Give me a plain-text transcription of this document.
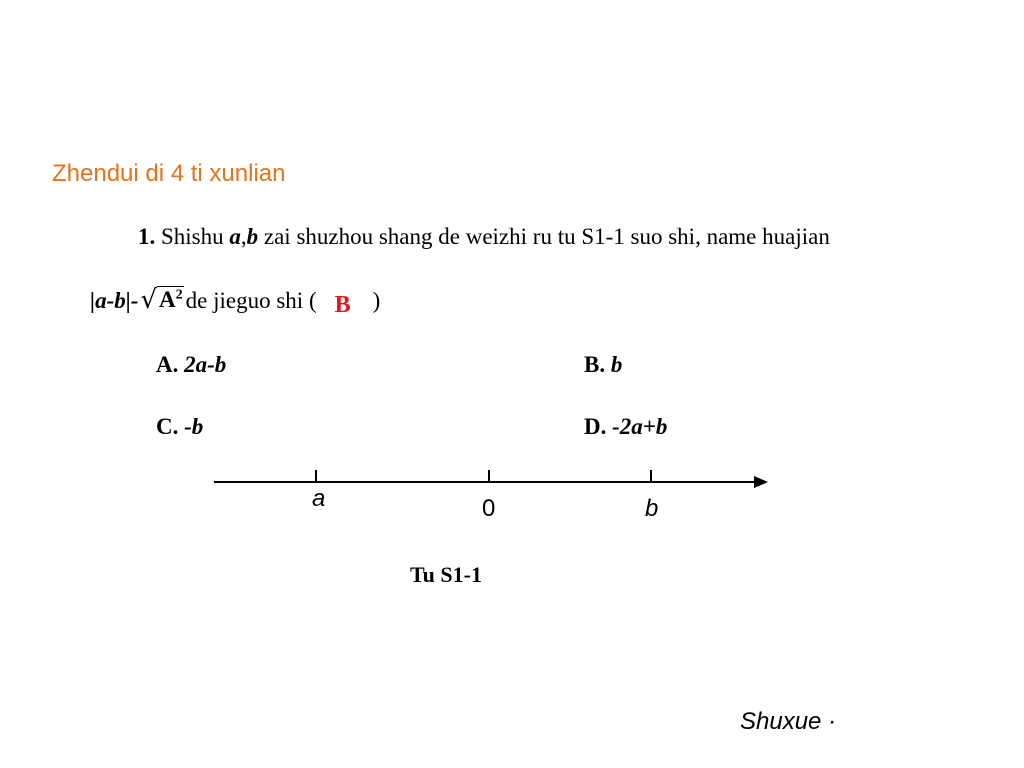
Zhendui di 4 ti xunlian
1. Shishu a,b zai shuzhou shang de weizhi ru tu S1-1 suo shi, name huajian
|a-b|- √ $A^2$ de jieguo shi ( B )
A. 2a-b	B. b
C. -b	D. -2a+b
a	0	b
Tu S1-1
Shuxue ·
